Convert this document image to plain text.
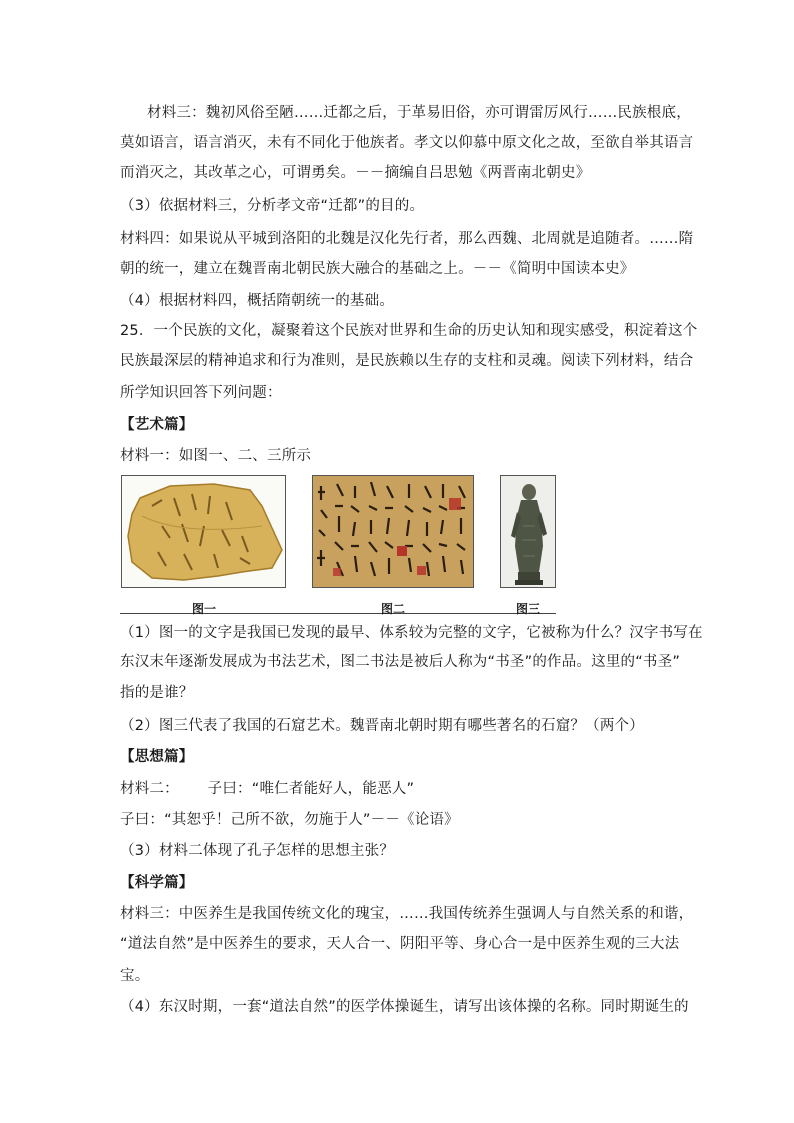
材料三：魏初风俗至陋……迁都之后，于革易旧俗，亦可谓雷厉风行……民族根底，
莫如语言，语言消灭，未有不同化于他族者。孝文以仰慕中原文化之故，至欲自举其语言
而消灭之，其改革之心，可谓勇矣。－－摘编自吕思勉《两晋南北朝史》
（3）依据材料三，分析孝文帝“迁都”的目的。
材料四：如果说从平城到洛阳的北魏是汉化先行者，那么西魏、北周就是追随者。……隋
朝的统一，建立在魏晋南北朝民族大融合的基础之上。－－《简明中国读本史》
（4）根据材料四，概括隋朝统一的基础。
25．一个民族的文化，凝聚着这个民族对世界和生命的历史认知和现实感受，积淀着这个
民族最深层的精神追求和行为准则，是民族赖以生存的支柱和灵魂。阅读下列材料，结合
所学知识回答下列问题：
【艺术篇】
材料一：如图一、二、三所示
图一	图二	图三
（1）图一的文字是我国已发现的最早、体系较为完整的文字，它被称为什么？汉字书写在
东汉末年逐渐发展成为书法艺术，图二书法是被后人称为“书圣”的作品。这里的“书圣”
指的是谁？
（2）图三代表了我国的石窟艺术。魏晋南北朝时期有哪些著名的石窟？（两个）
【思想篇】
材料二：      子曰：“唯仁者能好人，能恶人”
子曰：“其恕乎！己所不欲，勿施于人”－－《论语》
（3）材料二体现了孔子怎样的思想主张？
【科学篇】
材料三：中医养生是我国传统文化的瑰宝，……我国传统养生强调人与自然关系的和谐，
“道法自然”是中医养生的要求，天人合一、阴阳平等、身心合一是中医养生观的三大法
宝。
（4）东汉时期，一套“道法自然”的医学体操诞生，请写出该体操的名称。同时期诞生的
